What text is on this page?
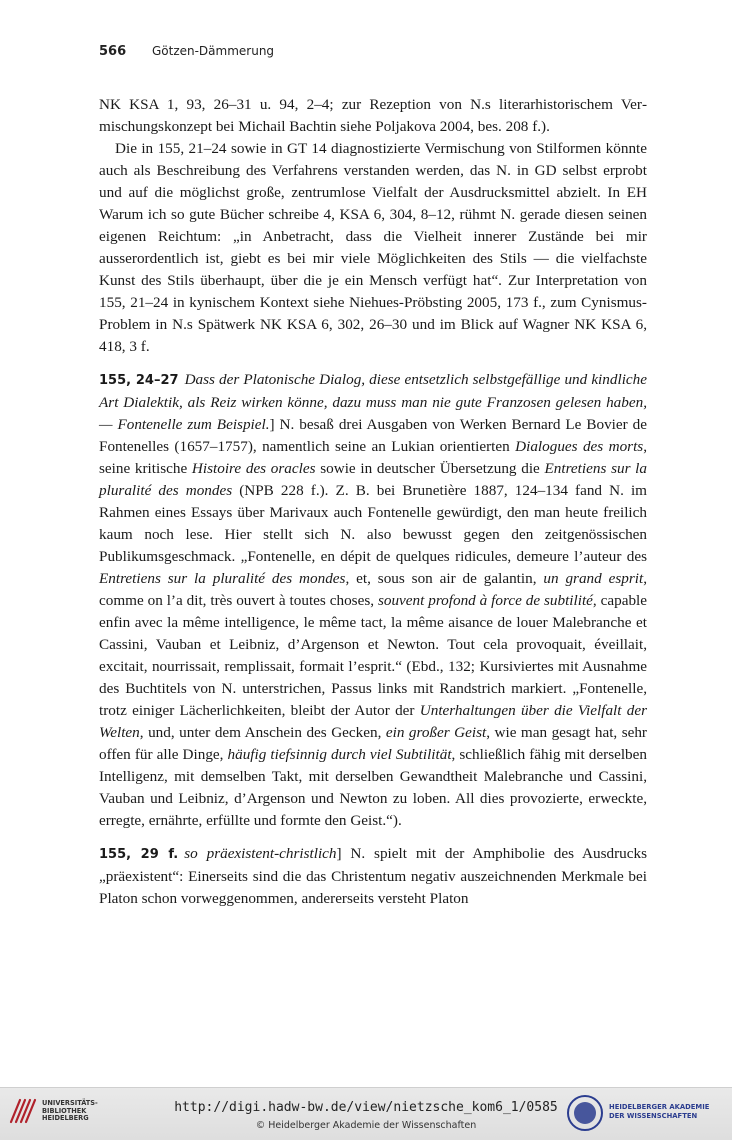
566 Götzen-Dämmerung

NK KSA 1, 93, 26–31 u. 94, 2–4; zur Rezeption von N.s literarhistorischem Vermischungskonzept bei Michail Bachtin siehe Poljakova 2004, bes. 208 f.).

Die in 155, 21–24 sowie in GT 14 diagnostizierte Vermischung von Stilformen könnte auch als Beschreibung des Verfahrens verstanden werden, das N. in GD selbst erprobt und auf die möglichst große, zentrumlose Vielfalt der Ausdrucksmittel abzielt. In EH Warum ich so gute Bücher schreibe 4, KSA 6, 304, 8–12, rühmt N. gerade diesen seinen eigenen Reichtum: „in Anbetracht, dass die Vielheit innerer Zustände bei mir ausserordentlich ist, giebt es bei mir viele Möglichkeiten des Stils — die vielfachste Kunst des Stils überhaupt, über die je ein Mensch verfügt hat“. Zur Interpretation von 155, 21–24 in kynischem Kontext siehe Niehues-Pröbsting 2005, 173 f., zum Cynismus-Problem in N.s Spätwerk NK KSA 6, 302, 26–30 und im Blick auf Wagner NK KSA 6, 418, 3 f.

155, 24–27 Dass der Platonische Dialog, diese entsetzlich selbstgefällige und kindliche Art Dialektik, als Reiz wirken könne, dazu muss man nie gute Franzosen gelesen haben, — Fontenelle zum Beispiel.] N. besaß drei Ausgaben von Werken Bernard Le Bovier de Fontenelles (1657–1757), namentlich seine an Lukian orientierten Dialogues des morts, seine kritische Histoire des oracles sowie in deutscher Übersetzung die Entretiens sur la pluralité des mondes (NPB 228 f.). Z. B. bei Brunetière 1887, 124–134 fand N. im Rahmen eines Essays über Marivaux auch Fontenelle gewürdigt, den man heute freilich kaum noch lese. Hier stellt sich N. also bewusst gegen den zeitgenössischen Publikumsgeschmack. „Fontenelle, en dépit de quelques ridicules, demeure l’auteur des Entretiens sur la pluralité des mondes, et, sous son air de galantin, un grand esprit, comme on l’a dit, très ouvert à toutes choses, souvent profond à force de subtilité, capable enfin avec la même intelligence, le même tact, la même aisance de louer Malebranche et Cassini, Vauban et Leibniz, d’Argenson et Newton. Tout cela provoquait, éveillait, excitait, nourrissait, remplissait, formait l’esprit.“ (Ebd., 132; Kursiviertes mit Ausnahme des Buchtitels von N. unterstrichen, Passus links mit Randstrich markiert. „Fontenelle, trotz einiger Lächerlichkeiten, bleibt der Autor der Unterhaltungen über die Vielfalt der Welten, und, unter dem Anschein des Gecken, ein großer Geist, wie man gesagt hat, sehr offen für alle Dinge, häufig tiefsinnig durch viel Subtilität, schließlich fähig mit derselben Intelligenz, mit demselben Takt, mit derselben Gewandtheit Malebranche und Cassini, Vauban und Leibniz, d’Argenson und Newton zu loben. All dies provozierte, erweckte, erregte, ernährte, erfüllte und formte den Geist.“).

155, 29 f. so präexistent-christlich] N. spielt mit der Amphibolie des Ausdrucks „präexistent“: Einerseits sind die das Christentum negativ auszeichnenden Merkmale bei Platon schon vorweggenommen, andererseits versteht Platon

UNIVERSITÄTS- BIBLIOTHEK HEIDELBERG
http://digi.hadw-bw.de/view/nietzsche_kom6_1/0585
© Heidelberger Akademie der Wissenschaften
HEIDELBERGER AKADEMIE DER WISSENSCHAFTEN
